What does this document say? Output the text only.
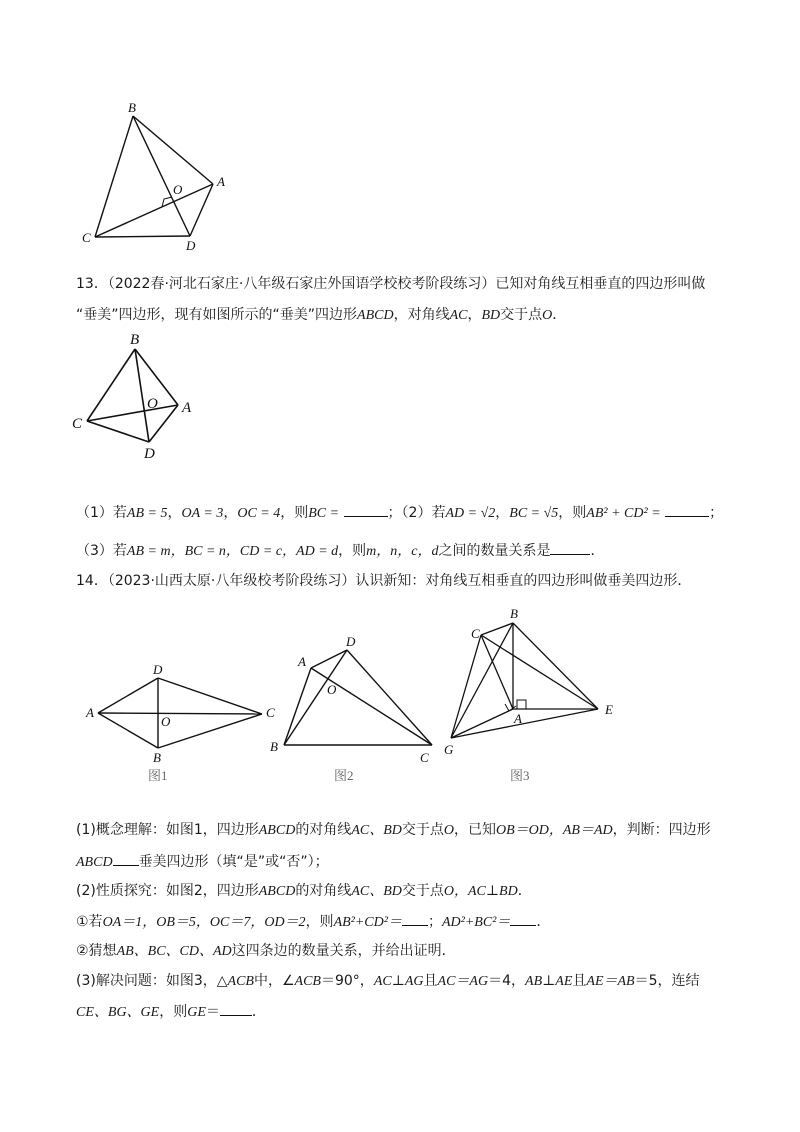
B
A
O
C
D
13．（2022春·河北石家庄·八年级石家庄外国语学校校考阶段练习）已知对角线互相垂直的四边形叫做
“垂美”四边形，现有如图所示的“垂美”四边形ABCD，对角线AC，BD交于点O．
B
C
O A
D
（1）若AB = 5，OA = 3，OC = 4，则BC =	；（2）若AD = √2，BC = √5，则AB² + CD² =	；
（3）若AB = m，BC = n，CD = c，AD = d，则m，n，c，d之间的数量关系是	．
14．（2023·山西太原·八年级校考阶段练习）认识新知：对角线互相垂直的四边形叫做垂美四边形．
A
D
C
B
O
图1
A
D
O
B
C
图2
B
C
A
E
G
图3
(1)概念理解：如图1，四边形ABCD的对角线AC、BD交于点O，已知OB＝OD，AB＝AD，判断：四边形
ABCD 垂美四边形（填“是”或“否”）；
(2)性质探究：如图2，四边形ABCD的对角线AC、BD交于点O，AC⊥BD．
①若OA＝1，OB＝5，OC＝7，OD＝2，则AB²+CD²＝ ；AD²+BC²＝ ．
②猜想AB、BC、CD、AD这四条边的数量关系，并给出证明．
(3)解决问题：如图3，△ACB中，∠ACB＝90°，AC⊥AG且AC＝AG＝4，AB⊥AE且AE＝AB＝5，连结
CE、BG、GE，则GE＝ ．
